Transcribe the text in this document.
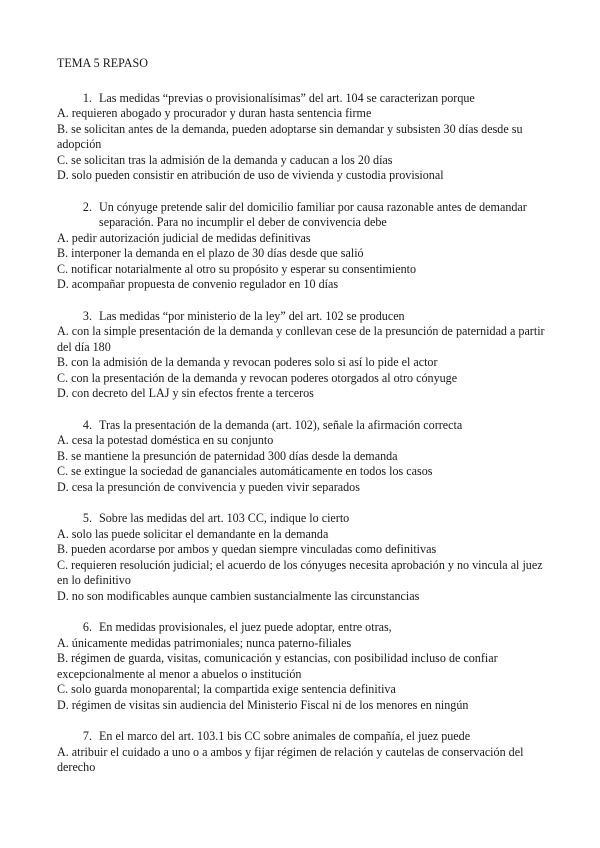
TEMA 5 REPASO
1. Las medidas “previas o provisionalísimas” del art. 104 se caracterizan porque
A. requieren abogado y procurador y duran hasta sentencia firme
B. se solicitan antes de la demanda, pueden adoptarse sin demandar y subsisten 30 días desde su adopción
C. se solicitan tras la admisión de la demanda y caducan a los 20 días
D. solo pueden consistir en atribución de uso de vivienda y custodia provisional
2. Un cónyuge pretende salir del domicilio familiar por causa razonable antes de demandar separación. Para no incumplir el deber de convivencia debe
A. pedir autorización judicial de medidas definitivas
B. interponer la demanda en el plazo de 30 días desde que salió
C. notificar notarialmente al otro su propósito y esperar su consentimiento
D. acompañar propuesta de convenio regulador en 10 días
3. Las medidas “por ministerio de la ley” del art. 102 se producen
A. con la simple presentación de la demanda y conllevan cese de la presunción de paternidad a partir del día 180
B. con la admisión de la demanda y revocan poderes solo si así lo pide el actor
C. con la presentación de la demanda y revocan poderes otorgados al otro cónyuge
D. con decreto del LAJ y sin efectos frente a terceros
4. Tras la presentación de la demanda (art. 102), señale la afirmación correcta
A. cesa la potestad doméstica en su conjunto
B. se mantiene la presunción de paternidad 300 días desde la demanda
C. se extingue la sociedad de gananciales automáticamente en todos los casos
D. cesa la presunción de convivencia y pueden vivir separados
5. Sobre las medidas del art. 103 CC, indique lo cierto
A. solo las puede solicitar el demandante en la demanda
B. pueden acordarse por ambos y quedan siempre vinculadas como definitivas
C. requieren resolución judicial; el acuerdo de los cónyuges necesita aprobación y no vincula al juez en lo definitivo
D. no son modificables aunque cambien sustancialmente las circunstancias
6. En medidas provisionales, el juez puede adoptar, entre otras,
A. únicamente medidas patrimoniales; nunca paterno-filiales
B. régimen de guarda, visitas, comunicación y estancias, con posibilidad incluso de confiar excepcionalmente al menor a abuelos o institución
C. solo guarda monoparental; la compartida exige sentencia definitiva
D. régimen de visitas sin audiencia del Ministerio Fiscal ni de los menores en ningún
7. En el marco del art. 103.1 bis CC sobre animales de compañía, el juez puede
A. atribuir el cuidado a uno o a ambos y fijar régimen de relación y cautelas de conservación del derecho
